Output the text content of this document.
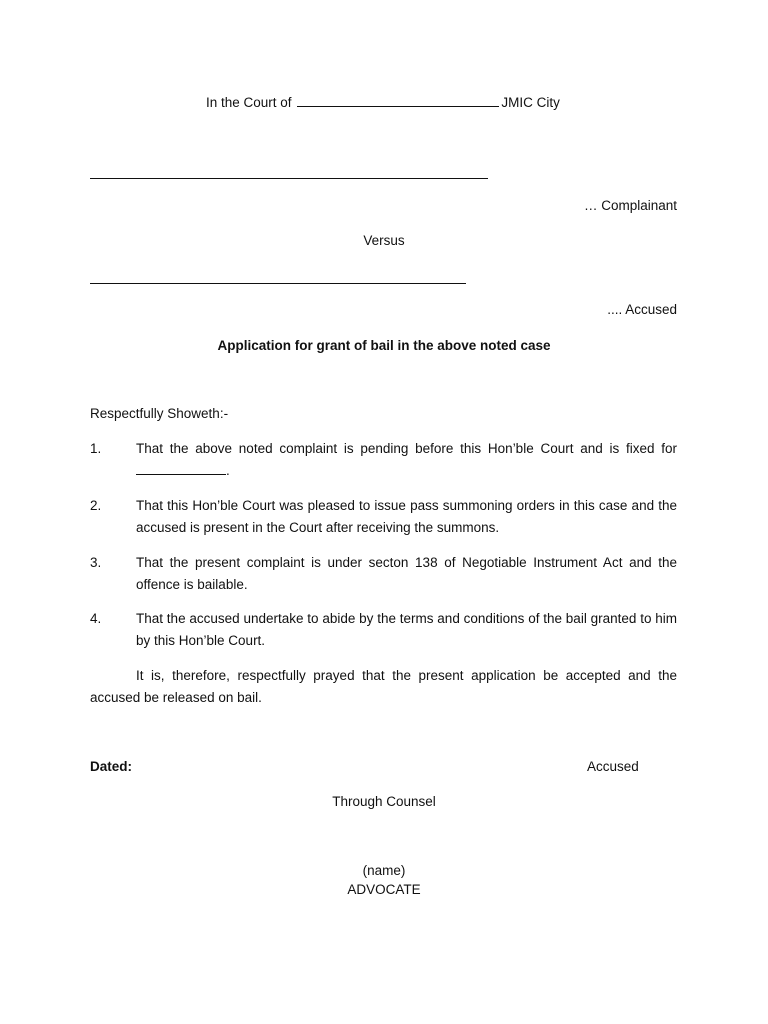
In the Court of	JMIC City
… Complainant
Versus
.... Accused
Application for grant of bail in the above noted case
Respectfully Showeth:-
1.	That the above noted complaint is pending before this Hon’ble Court and is fixed for .
2.	That this Hon’ble Court was pleased to issue pass summoning orders in this case and the accused is present in the Court after receiving the summons.
3.	That the present complaint is under secton 138 of Negotiable Instrument Act and the offence is bailable.
4.	That the accused undertake to abide by the terms and conditions of the bail granted to him by this Hon’ble Court.
It is, therefore, respectfully prayed that the present application be accepted and the accused be released on bail.
Dated:	Accused
Through Counsel
(name)
ADVOCATE
